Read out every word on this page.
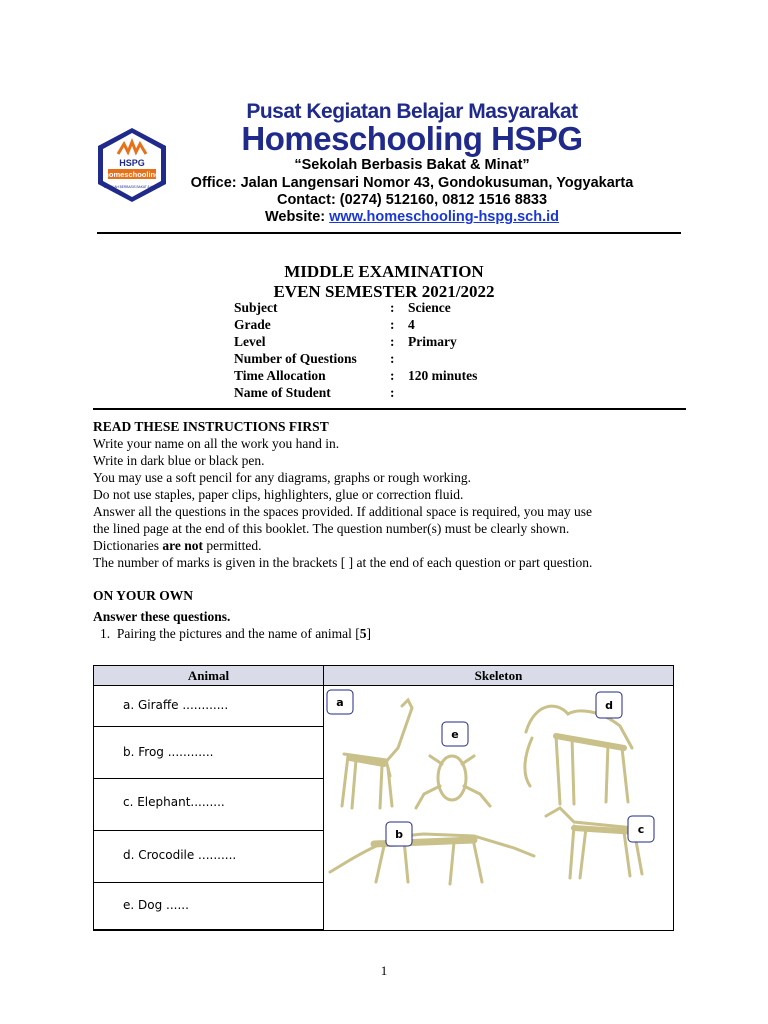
HSPG
homeschooling
SEKOLAH BERBASIS BAKAT & MINAT
Pusat Kegiatan Belajar Masyarakat
Homeschooling HSPG
“Sekolah Berbasis Bakat & Minat”
Office: Jalan Langensari Nomor 43, Gondokusuman, Yogyakarta
Contact: (0274) 512160, 0812 1516 8833
Website: www.homeschooling-hspg.sch.id
MIDDLE EXAMINATION
EVEN SEMESTER 2021/2022
Subject	:	Science
Grade	:	4
Level	:	Primary
Number of Questions	:
Time Allocation	:	120 minutes
Name of Student	:
READ THESE INSTRUCTIONS FIRST
Write your name on all the work you hand in.
Write in dark blue or black pen.
You may use a soft pencil for any diagrams, graphs or rough working.
Do not use staples, paper clips, highlighters, glue or correction fluid.
Answer all the questions in the spaces provided. If additional space is required, you may use
the lined page at the end of this booklet. The question number(s) must be clearly shown.
Dictionaries are not permitted.
The number of marks is given in the brackets [ ] at the end of each question or part question.
ON YOUR OWN
Answer these questions.
1. Pairing the pictures and the name of animal [5]
Animal	Skeleton
a. Giraffe ............
b. Frog ............
c. Elephant.........
d. Crocodile ..........
e. Dog ......
a
e
d
b	c
1
